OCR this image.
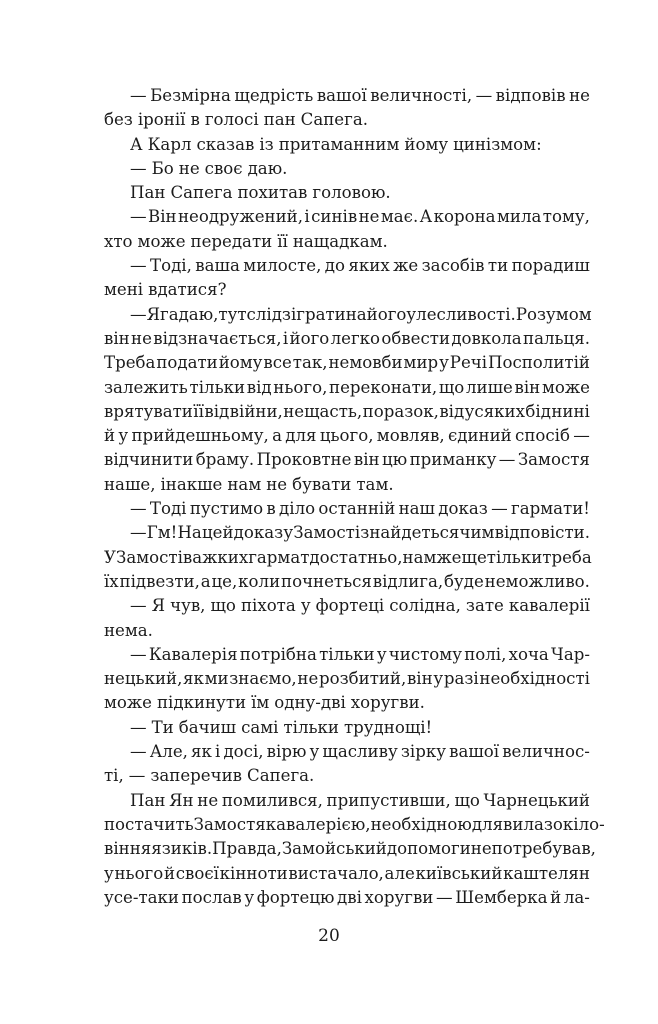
— Безмірна щедрість вашої величності, — відповів не
без іронії в голосі пан Сапега.
А Карл сказав із притаманним йому цинізмом:
— Бо не своє даю.
Пан Сапега похитав головою.
— Він неодружений, і синів не має. А корона мила тому,
хто може передати її нащадкам.
— Тоді, ваша милосте, до яких же засобів ти порадиш
мені вдатися?
— Я гадаю, тут слід зіграти на його улесливості. Розумом
він не відзначається, і його легко обвести довкола пальця.
Треба подати йому все так, немовби мир у Речі Посполитій
залежить тільки від нього, переконати, що лише він може
врятувати її від війни, нещасть, поразок, від усяких бід нині
й у прийдешньому, а для цього, мовляв, єдиний спосіб —
відчинити браму. Проковтне він цю приманку — Замостя
наше, інакше нам не бувати там.
— Тоді пустимо в діло останній наш доказ — гармати!
— Гм! На цей доказ у Замості знайдеться чим відповісти.
У Замості важких гармат достатньо, нам же ще тільки треба
їх підвезти, а це, коли почнеться відлига, буде неможливо.
— Я чув, що піхота у фортеці солідна, зате кавалерії
нема.
— Кавалерія потрібна тільки у чистому полі, хоча Чар-
нецький, як ми знаємо, не розбитий, він у разі необхідності
може підкинути їм одну-дві хоругви.
— Ти бачиш самі тільки труднощі!
— Але, як і досі, вірю у щасливу зірку вашої величнос-
ті, — заперечив Сапега.
Пан Ян не помилився, припустивши, що Чарнецький
постачить Замостя кавалерією, необхідною для вилазок і ло-
віння язиків. Правда, Замойський допомоги не потребував,
у нього й своєї кінноти вистачало, але київський каштелян
усе-таки послав у фортецю дві хоругви — Шемберка й ла-
20
